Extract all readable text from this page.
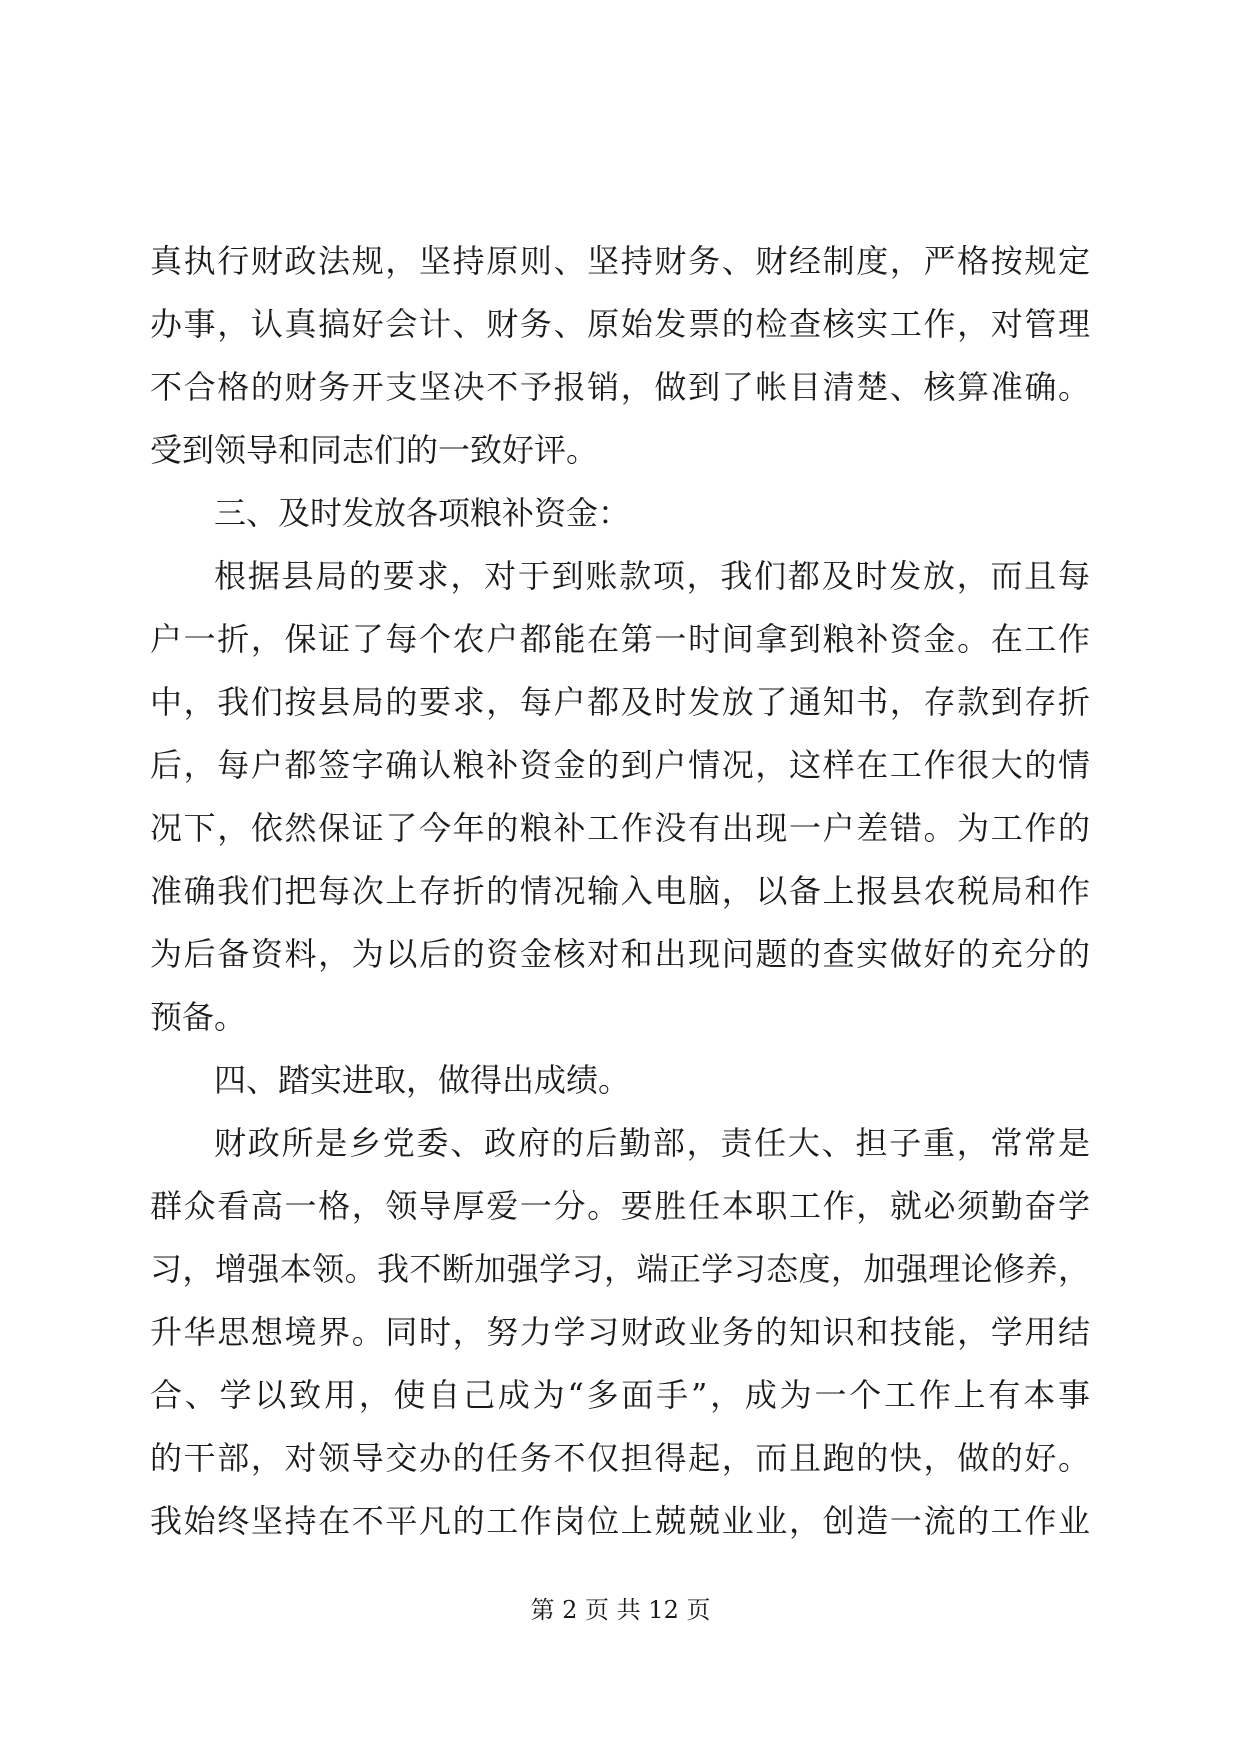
真执行财政法规，坚持原则、坚持财务、财经制度，严格按规定
办事，认真搞好会计、财务、原始发票的检查核实工作，对管理
不合格的财务开支坚决不予报销，做到了帐目清楚、核算准确。
受到领导和同志们的一致好评。
三、及时发放各项粮补资金：
根据县局的要求，对于到账款项，我们都及时发放，而且每
户一折，保证了每个农户都能在第一时间拿到粮补资金。在工作
中，我们按县局的要求，每户都及时发放了通知书，存款到存折
后，每户都签字确认粮补资金的到户情况，这样在工作很大的情
况下，依然保证了今年的粮补工作没有出现一户差错。为工作的
准确我们把每次上存折的情况输入电脑，以备上报县农税局和作
为后备资料，为以后的资金核对和出现问题的查实做好的充分的
预备。
四、踏实进取，做得出成绩。
财政所是乡党委、政府的后勤部，责任大、担子重，常常是
群众看高一格，领导厚爱一分。要胜任本职工作，就必须勤奋学
习，增强本领。我不断加强学习，端正学习态度，加强理论修养，
升华思想境界。同时，努力学习财政业务的知识和技能，学用结
合、学以致用，使自己成为“多面手”，成为一个工作上有本事
的干部，对领导交办的任务不仅担得起，而且跑的快，做的好。
我始终坚持在不平凡的工作岗位上兢兢业业，创造一流的工作业
第 2 页 共 12 页
